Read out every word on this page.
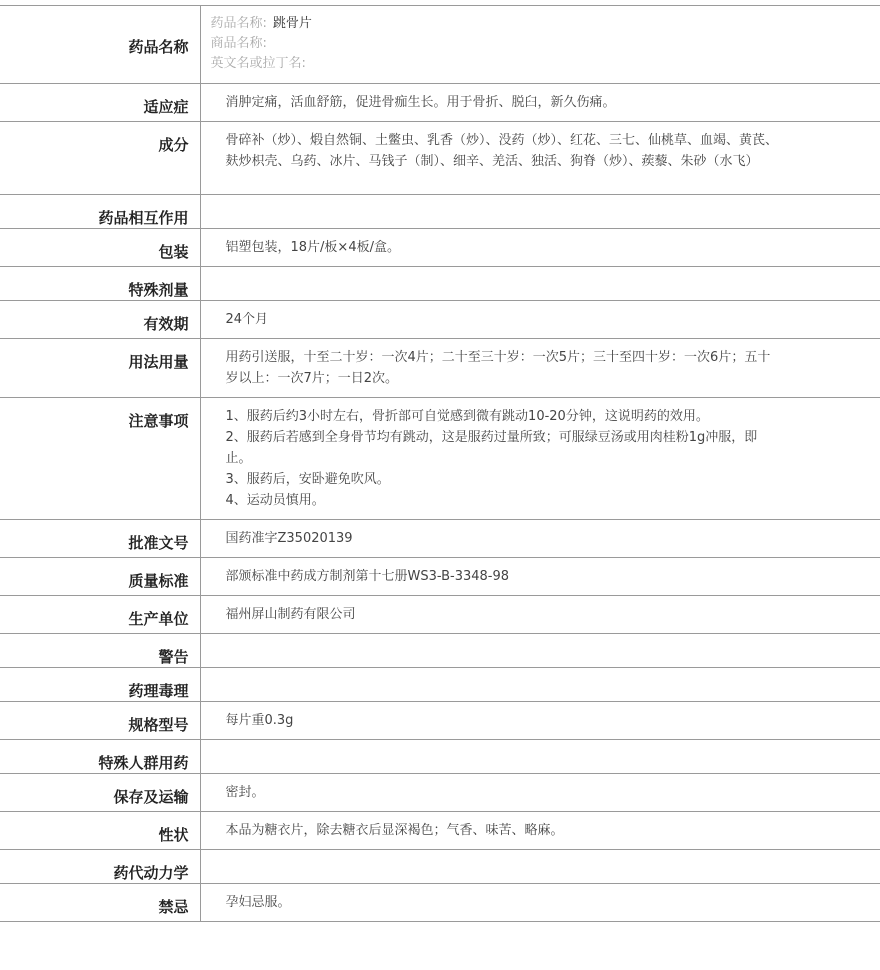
药品名称	药品名称: 跳骨片
商品名称:
英文名或拉丁名:

适应症	消肿定痛，活血舒筋，促进骨痂生长。用于骨折、脱臼，新久伤痛。
成分	骨碎补（炒）、煅自然铜、土鳖虫、乳香（炒）、没药（炒）、红花、三七、仙桃草、血竭、黄芪、麸炒枳壳、乌药、冰片、马钱子（制）、细辛、羌活、独活、狗脊（炒）、蒺藜、朱砂（水飞）
药品相互作用	
包装	铝塑包装，18片/板×4板/盒。
特殊剂量	
有效期	24个月
用法用量	用药引送服，十至二十岁：一次4片；二十至三十岁：一次5片；三十至四十岁：一次6片；五十岁以上：一次7片；一日2次。
注意事项	1、服药后约3小时左右，骨折部可自觉感到微有跳动10-20分钟，这说明药的效用。
2、服药后若感到全身骨节均有跳动，这是服药过量所致；可服绿豆汤或用肉桂粉1g冲服，即止。
3、服药后，安卧避免吹风。
4、运动员慎用。

批准文号	国药准字Z35020139
质量标准	部颁标准中药成方制剂第十七册WS3-B-3348-98
生产单位	福州屏山制药有限公司
警告	
药理毒理	
规格型号	每片重0.3g
特殊人群用药	
保存及运输	密封。
性状	本品为糖衣片，除去糖衣后显深褐色；气香、味苦、略麻。
药代动力学	
禁忌	孕妇忌服。
